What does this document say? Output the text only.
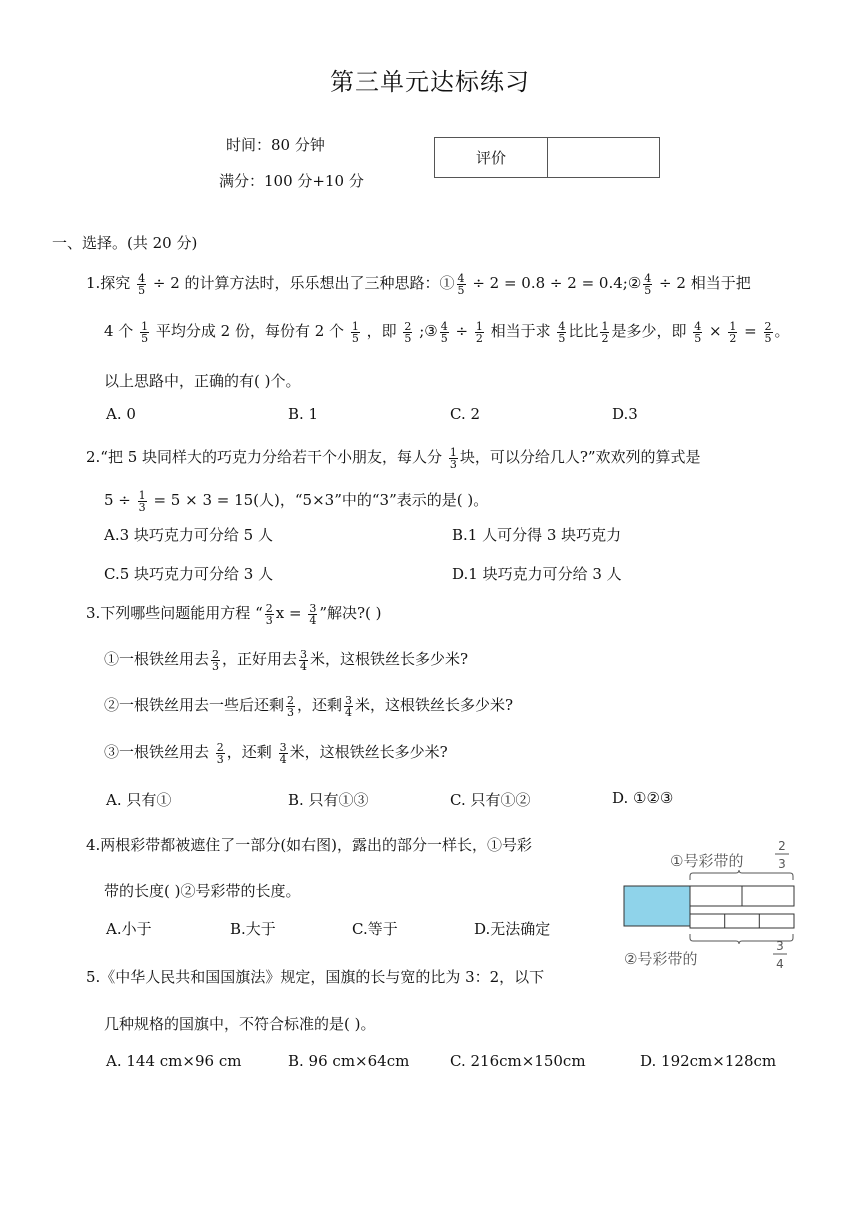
第三单元达标练习
时间：80 分钟
满分：100 分+10 分
评价
一、选择。(共 20 分)
1.探究 $\frac{4}{5} \div 2$ 的计算方法时，乐乐想出了三种思路：① $\frac{4}{5} \div 2 = 0.8 \div 2$ = 0.4;② $\frac{4}{5} \div 2$ 相当于把
4 个 $\frac{1}{5}$ 平均分成 2 份，每份有 2 个 $\frac{1}{5}$ ，即 $\frac{2}{5}$ ;③ $\frac{4}{5} \div \frac{1}{2}$ 相当于求 $\frac{4}{5}$ 比比 $\frac{1}{2}$ 是多少，即 $\frac{4}{5} \times \frac{1}{2} = \frac{2}{5}$ 。
以上思路中，正确的有( )个。
A. 0	B. 1	C. 2	D.3
2.“把 5 块同样大的巧克力分给若干个小朋友，每人分 $\frac{1}{3}$ 块，可以分给几人?”欢欢列的算式是
$5 \div \frac{1}{3} = 5 \times 3 = 15$(人)，“5×3”中的“3”表示的是( )。
A.3 块巧克力可分给 5 人	B.1 人可分得 3 块巧克力
C.5 块巧克力可分给 3 人	D.1 块巧克力可分给 3 人
3.下列哪些问题能用方程 “ $\frac{2}{3}$ $x = \frac{3}{4}$ ”解决?( )
①一根铁丝用去 $\frac{2}{3}$ ，正好用去 $\frac{3}{4}$ 米，这根铁丝长多少米?
②一根铁丝用去一些后还剩 $\frac{2}{3}$ ，还剩 $\frac{3}{4}$ 米，这根铁丝长多少米?
③一根铁丝用去 $\frac{2}{3}$ ，还剩 $\frac{3}{4}$ 米，这根铁丝长多少米?
A. 只有①	B. 只有①③	C. 只有①②	D. ①②③
4.两根彩带都被遮住了一部分(如右图)，露出的部分一样长，①号彩
带的长度( )②号彩带的长度。
A.小于	B.大于	C.等于	D.无法确定
①号彩带的
2
3
②号彩带的
3
4
5.《中华人民共和国国旗法》规定，国旗的长与宽的比为 3：2，以下
几种规格的国旗中，不符合标准的是( )。
A. 144 cm×96 cm	B. 96 cm×64cm	C. 216cm×150cm	D. 192cm×128cm
